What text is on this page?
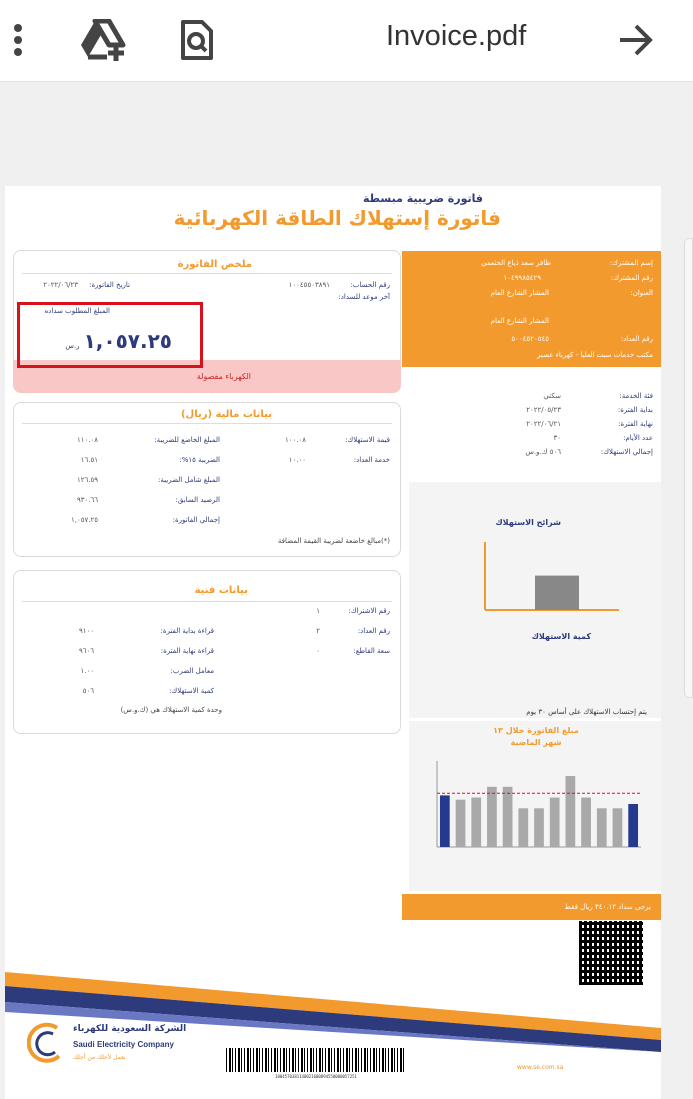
Invoice.pdf
فاتورة ضريبية مبسطة
فاتورة إستهلاك الطاقة الكهربائية
إسم المشترك:
ظافر سعد ذياع الحثعمي
رقم المشترك:
١٠٤٩٩٨٥٤٢٩
العنوان:
المشار الشارع العام
المشار الشارع العام
رقم العداد:
٥٠٠٤٥٢٠٥٤٥
مكتب خدمات سبت العليا - كهرباء عسير
ملخص الفاتورة
رقم الحساب:
١٠٠٤٥٥٠٣٨٩١
تاريخ الفاتورة:
٢٠٢٢/٠٦/٢٣
آخر موعد للسداد:
المبلغ المطلوب سداده
١,٠٥٧.٢٥
ر.س
الكهرباء مفصولة
فئة الخدمة:
سكني
بداية الفترة:
٢٠٢٢/٠٥/٢٣
نهاية الفترة:
٢٠٢٢/٠٦/٢١
عدد الأيام:
٣٠
إجمالي الاستهلاك:
٥٠٦ ك.و.س
بيانات مالية (ريال)
قيمة الاستهلاك:
١٠٠.٠٨
خدمة العداد:
١٠.٠٠
المبلغ الخاضع للضريبة:
١١٠.٠٨
الضريبة ١٥%:
١٦.٥١
المبلغ شامل الضريبة:
١٢٦.٥٩
الرصيد السابق:
٩٣٠.٦٦
إجمالي الفاتورة:
١,٠٥٧.٢٥
(*)مبالغ خاضعة لضريبة القيمة المضافة
شرائح الاستهلاك
كمية الاستهلاك
يتم إحتساب الاستهلاك على أساس ٣٠ يوم
بيانات فنية
رقم الاشتراك:
١
رقم العداد:
٢
سعة القاطع:
٠
قراءة بداية الفترة:
٩١٠٠
قراءة نهاية الفترة:
٩٦٠٦
معامل الضرب:
١.٠٠
كمية الاستهلاك:
٥٠٦
وحدة كمية الاستهلاك هي (ك.و.س)
مبلغ الفاتورة خلال ١٣ شهر الماضية
يرجى سداد ٣٤٠.١٢ ريال فقط
الشركة السعودية للكهرباء
Saudi Electricity Company
نعمل لأجلك من أجلك
1004570381140021600894550000057251
www.se.com.sa
